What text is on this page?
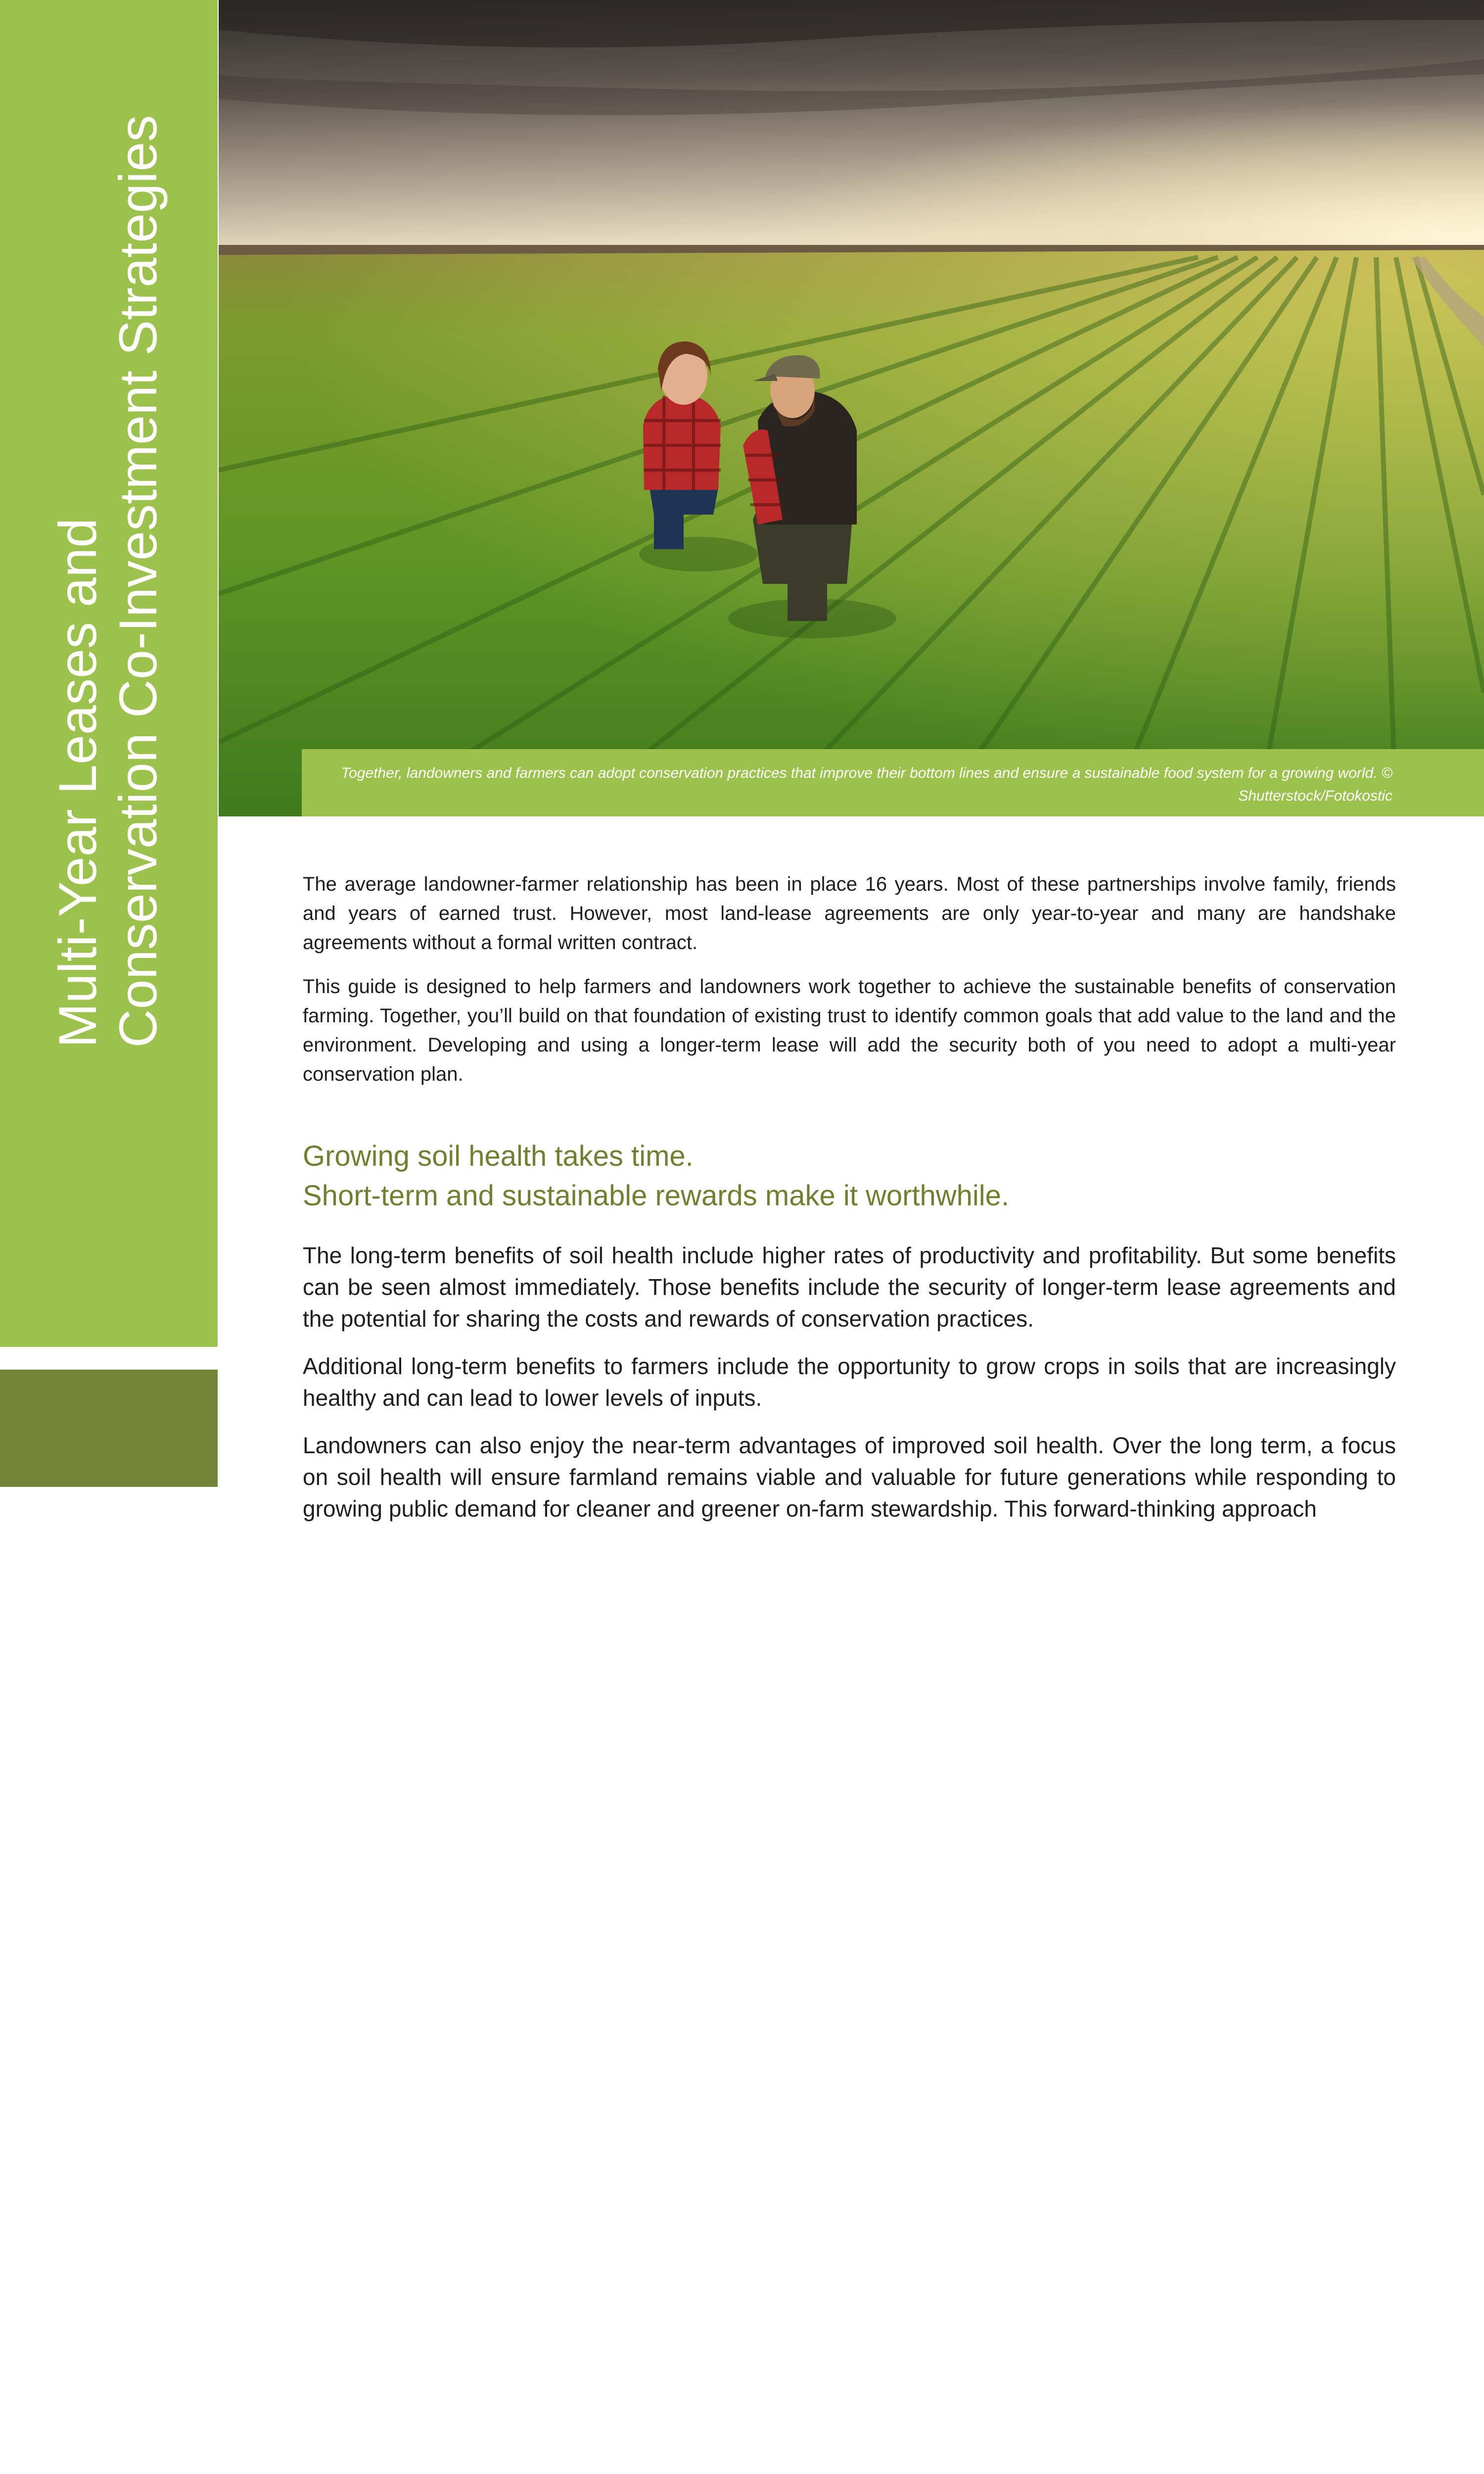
Multi-Year Leases and Conservation Co-Investment Strategies	Together, landowners and farmers can adopt conservation practices that improve their bottom lines and ensure a sustainable food system for a growing world. © Shutterstock/Fotokostic

The average landowner-farmer relationship has been in place 16 years. Most of these partnerships involve family, friends and years of earned trust. However, most land-lease agreements are only year-to-year and many are handshake agreements without a formal written contract.

This guide is designed to help farmers and landowners work together to achieve the sustainable benefits of conservation farming. Together, you’ll build on that foundation of existing trust to identify common goals that add value to the land and the environment. Developing and using a longer-term lease will add the security both of you need to adopt a multi-year conservation plan.

Growing soil health takes time.
Short-term and sustainable rewards make it worthwhile.

The long-term benefits of soil health include higher rates of productivity and profitability. But some benefits can be seen almost immediately. Those benefits include the security of longer-term lease agreements and the potential for sharing the costs and rewards of conservation practices.

Additional long-term benefits to farmers include the opportunity to grow crops in soils that are increasingly healthy and can lead to lower levels of inputs.

Landowners can also enjoy the near-term advantages of improved soil health. Over the long term, a focus on soil health will ensure farmland remains viable and valuable for future generations while responding to growing public demand for cleaner and greener on-farm stewardship. This forward-thinking approach
